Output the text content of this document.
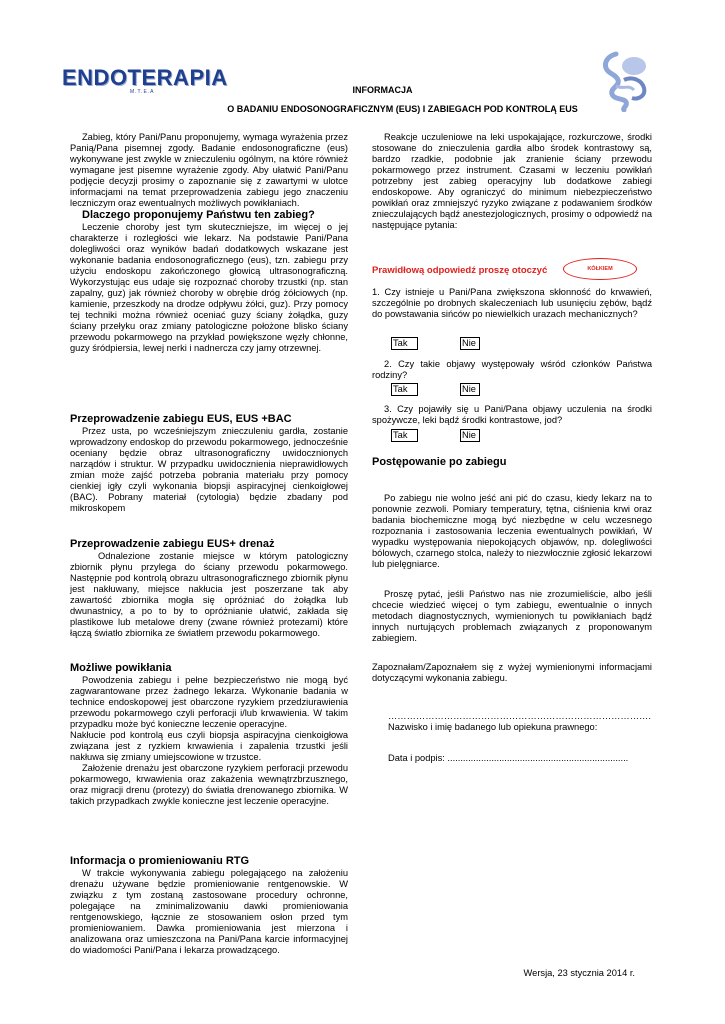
ENDOTERAPIA
M.T.E.A	INFORMACJA
O BADANIU ENDOSONOGRAFICZNYM (EUS) I ZABIEGACH POD KONTROLĄ EUS

Zabieg, który Pani/Panu proponujemy, wymaga wyrażenia przez Panią/Pana pisemnej zgody. Badanie endosonograficzne (eus) wykonywane jest zwykle w znieczuleniu ogólnym, na które również wymagane jest pisemne wyrażenie zgody. Aby ułatwić Pani/Panu podjęcie decyzji prosimy o zapoznanie się z zawartymi w ulotce informacjami na temat przeprowadzenia zabiegu jego znaczeniu leczniczym oraz ewentualnych możliwych powikłaniach.

Dlaczego proponujemy Państwu ten zabieg?

Leczenie choroby jest tym skuteczniejsze, im więcej o jej charakterze i rozległości wie lekarz. Na podstawie Pani/Pana dolegliwości oraz wyników badań dodatkowych wskazane jest wykonanie badania endosonograficznego (eus), tzn. zabiegu przy użyciu endoskopu zakończonego głowicą ultrasonograficzną. Wykorzystując eus udaje się rozpoznać choroby trzustki (np. stan zapalny, guz) jak również choroby w obrębie dróg żółciowych (np. kamienie, przeszkody na drodze odpływu żółci, guz). Przy pomocy tej techniki można również oceniać guzy ściany żołądka, guzy ściany przełyku oraz zmiany patologiczne położone blisko ściany przewodu pokarmowego na przykład powiększone węzły chłonne, guzy śródpiersia, lewej nerki i nadnercza czy jamy otrzewnej.

Przeprowadzenie zabiegu EUS, EUS +BAC

Przez usta, po wcześniejszym znieczuleniu gardła, zostanie wprowadzony endoskop do przewodu pokarmowego, jednocześnie oceniany będzie obraz ultrasonograficzny uwidocznionych narządów i struktur. W przypadku uwidocznienia nieprawidłowych zmian może zajść potrzeba pobrania materiału przy pomocy cienkiej igły czyli wykonania biopsji aspiracyjnej cienkoigłowej (BAC). Pobrany materiał (cytologia) będzie zbadany pod mikroskopem

Przeprowadzenie zabiegu EUS+ drenaż

Odnalezione zostanie miejsce w którym patologiczny zbiornik płynu przylega do ściany przewodu pokarmowego. Następnie pod kontrolą obrazu ultrasonograficznego zbiornik płynu jest nakłuwany, miejsce nakłucia jest poszerzane tak aby zawartość zbiornika mogła się opróżniać do żołądka lub dwunastnicy, a po to by to opróżnianie ułatwić, zakłada się plastikowe lub metalowe dreny (zwane również protezami) które łączą światło zbiornika ze światłem przewodu pokarmowego.

Możliwe powikłania

Powodzenia zabiegu i pełne bezpieczeństwo nie mogą być zagwarantowane przez żadnego lekarza. Wykonanie badania w technice endoskopowej jest obarczone ryzykiem przedziurawienia przewodu pokarmowego czyli perforacji i/lub krwawienia. W takim przypadku może być konieczne leczenie operacyjne.

Nakłucie pod kontrolą eus czyli biopsja aspiracyjna cienkoigłowa związana jest z ryzkiem krwawienia i zapalenia trzustki jeśli nakłuwa się zmiany umiejscowione w trzustce.

Założenie drenażu jest obarczone ryzykiem perforacji przewodu pokarmowego, krwawienia oraz zakażenia wewnątrzbrzusznego, oraz migracji drenu (protezy) do światła drenowanego zbiornika. W takich przypadkach zwykle konieczne jest leczenie operacyjne.

Informacja o promieniowaniu RTG

W trakcie wykonywania zabiegu polegającego na założeniu drenażu używane będzie promieniowanie rentgenowskie. W związku z tym zostaną zastosowane procedury ochronne, polegające na zminimalizowaniu dawki promieniowania rentgenowskiego, łącznie ze stosowaniem osłon przed tym promieniowaniem. Dawka promieniowania jest mierzona i analizowana oraz umieszczona na Pani/Pana karcie informacyjnej do wiadomości Pani/Pana i lekarza prowadzącego.

Reakcje uczuleniowe na leki uspokajające, rozkurczowe, środki stosowane do znieczulenia gardła albo środek kontrastowy są, bardzo rzadkie, podobnie jak zranienie ściany przewodu pokarmowego przez instrument. Czasami w leczeniu powikłań potrzebny jest zabieg operacyjny lub dodatkowe zabiegi endoskopowe. Aby ograniczyć do minimum niebezpieczeństwo powikłań oraz zmniejszyć ryzyko związane z podawaniem środków znieczulających bądź anestezjologicznych, prosimy o odpowiedź na następujące pytania:

Prawidłową odpowiedź proszę otoczyć	KÓŁKIEM

1. Czy istnieje u Pani/Pana zwiększona skłonność do krwawień, szczególnie po drobnych skaleczeniach lub usunięciu zębów, bądź do powstawania sińców po niewielkich urazach mechanicznych?

Tak	Nie

2. Czy takie objawy występowały wśród członków Państwa rodziny?

Tak	Nie

3. Czy pojawiły się u Pani/Pana objawy uczulenia na środki spożywcze, leki bądź środki kontrastowe, jod?

Tak	Nie
Postępowanie po zabiegu

Po zabiegu nie wolno jeść ani pić do czasu, kiedy lekarz na to ponownie zezwoli. Pomiary temperatury, tętna, ciśnienia krwi oraz badania biochemiczne mogą być niezbędne w celu wczesnego rozpoznania i zastosowania leczenia ewentualnych powikłań, W wypadku występowania niepokojących objawów, np. dolegliwości bólowych, czarnego stolca, należy to niezwłocznie zgłosić lekarzowi lub pielęgniarce.

Proszę pytać, jeśli Państwo nas nie zrozumieliście, albo jeśli chcecie wiedzieć więcej o tym zabiegu, ewentualnie o innych metodach diagnostycznych, wymienionych tu powikłaniach bądź innych nurtujących problemach związanych z proponowanym zabiegiem.

Zapoznałam/Zapoznałem się z wyżej wymienionymi informacjami dotyczącymi wykonania zabiegu.

………………………………………………………………………….
Nazwisko i imię badanego lub opiekuna prawnego:
Data i podpis: ......................................................................
Wersja, 23 stycznia 2014 r.
